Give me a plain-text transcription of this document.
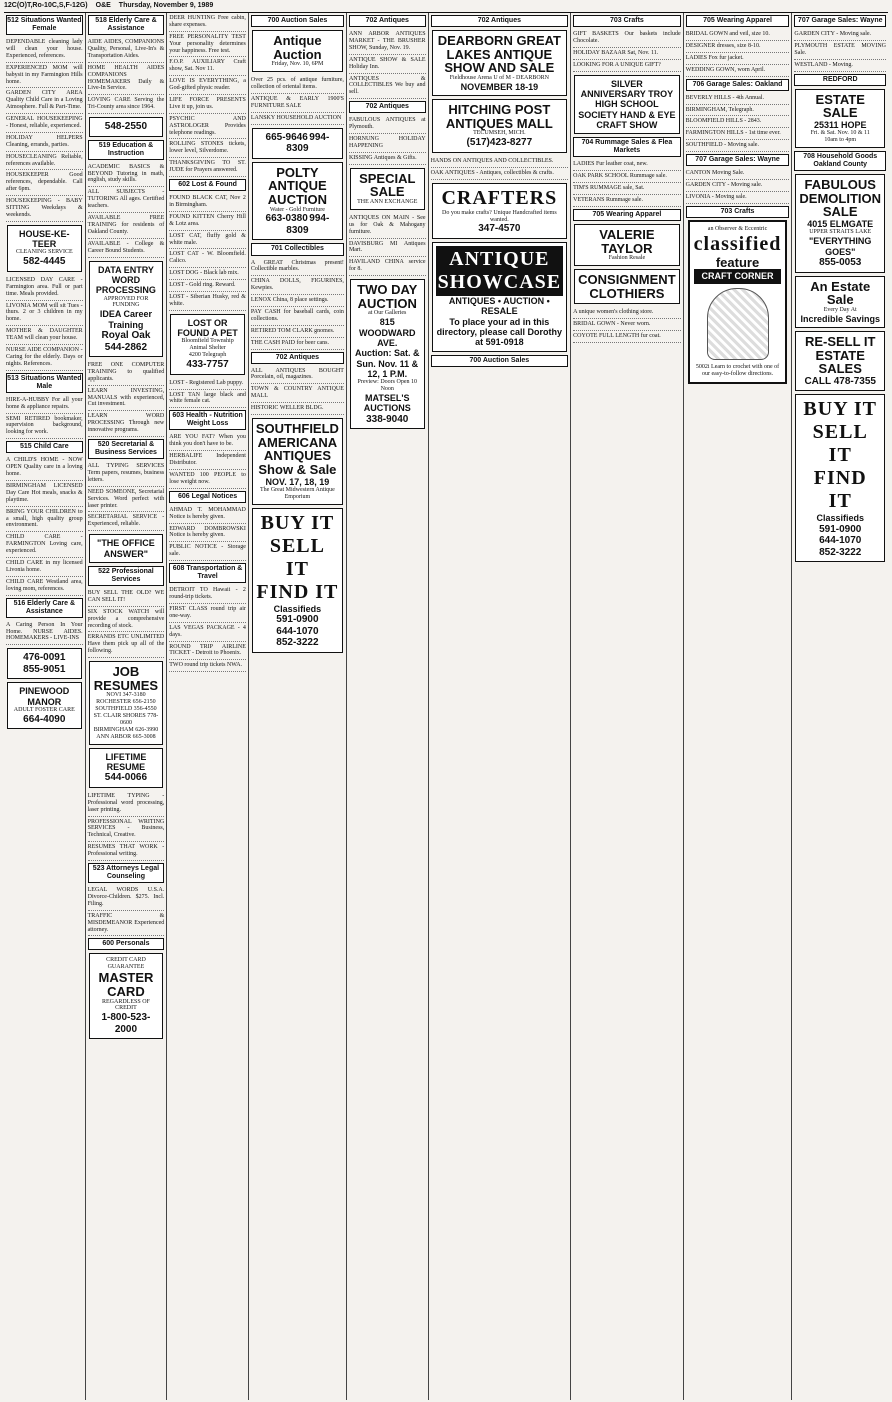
12C(O)T,Ro-10C,S,F-12G) O&E Thursday, November 9, 1989
512 Situations Wanted Female
DEPENDABLE cleaning lady will clean your house. Experienced, references.
EXPERIENCED MOM will babysit in my Farmington Hills home.
GARDEN CITY AREA Quality Child Care in a Loving Atmosphere. Full & Part-Time.
GENERAL HOUSEKEEPING - Honest, reliable, experienced.
HOLIDAY HELPERS Cleaning, errands, parties.
HOUSECLEANING Reliable, references available.
HOUSEKEEPER Good references, dependable. Call after 6pm.
HOUSEKEEPING - BABY SITTING Weekdays & weekends.
HOUSE-KE-TEER
CLEANING SERVICE
582-4445
LICENSED DAY CARE - Farmington area. Full or part time. Meals provided.
LIVONIA MOM will sit Tues - thurs. 2 or 3 children in my home.
MOTHER & DAUGHTER TEAM will clean your house.
NURSE AIDE COMPANION - Caring for the elderly. Days or nights. References.
513 Situations Wanted Male
HIRE-A-HUBBY For all your home & appliance repairs.
SEMI RETIRED bookmaker, supervision background, looking for work.
515 Child Care
A CHILD'S HOME - NOW OPEN Quality care in a loving home.
BIRMINGHAM LICENSED Day Care Hot meals, snacks & playtime.
BRING YOUR CHILDREN to a small, high quality group environment.
CHILD CARE - FARMINGTON Loving care, experienced.
CHILD CARE in my licensed Livonia home.
CHILD CARE Westland area, loving mom, references.
516 Elderly Care & Assistance
A Caring Person In Your Home. NURSE AIDES. HOMEMAKERS - LIVE-INS
476-0091
855-9051
PINEWOOD MANOR
ADULT FOSTER CARE
664-4090
518 Elderly Care & Assistance
AIDE AIDES, COMPANIONS Quality, Personal, Live-In's & Transportation Aides.
HOME HEALTH AIDES COMPANIONS HOMEMAKERS Daily & Live-In Service.
LOVING CARE Serving the Tri-County area since 1964.
548-2550
519 Education & Instruction
ACADEMIC BASICS & BEYOND Tutoring in math, english, study skills.
ALL SUBJECTS - TUTORING All ages. Certified teachers.
AVAILABLE FREE TRAINING for residents of Oakland County.
AVAILABLE - College & Career Bound Students.
DATA ENTRY WORD PROCESSING
APPROVED FOR FUNDING
IDEA Career Training
Royal Oak 544-2862
FREE ONE COMPUTER TRAINING to qualified applicants.
LEARN INVESTING, MANUALS with experienced, Cut investment.
LEARN WORD PROCESSING Through new innovative programs.
520 Secretarial & Business Services
ALL TYPING SERVICES Term papers, resumes, business letters.
NEED SOMEONE, Secretarial Services. Word perfect with laser printer.
SECRETARIAL SERVICE - Experienced, reliable.
"THE OFFICE ANSWER"
522 Professional Services
BUY SELL THE OLD? WE CAN SELL IT!
SIX STOCK WATCH will provide a comprehensive recording of stock.
ERRANDS ETC UNLIMITED Have them pick up all of the following.
JOB RESUMES
NOVI 347-3180
ROCHESTER 656-2150
SOUTHFIELD 356-4550
ST. CLAIR SHORES 778-0600
BIRMINGHAM 626-3990
ANN ARBOR 665-3008
LIFETIME RESUME
544-0066
LIFETIME TYPING - Professional word processing, laser printing.
PROFESSIONAL WRITING SERVICES - Business, Technical, Creative.
RESUMES THAT WORK - Professional writing.
523 Attorneys Legal Counseling
LEGAL WORDS U.S.A. Divorce-Children. $275. Incl. Filing.
TRAFFIC & MISDEMEANOR Experienced attorney.
600 Personals
CREDIT CARD GUARANTEE
MASTER CARD
REGARDLESS OF CREDIT
1-800-523-2000
DEER HUNTING Free cabin, share expenses.
FREE PERSONALITY TEST Your personality determines your happiness. Free test.
F.O.P. AUXILIARY Craft show, Sat. Nov 11.
LOVE IS EVERYTHING, a God-gifted physic reader.
LIFE FORCE PRESENTS Live it up, join us.
PSYCHIC AND ASTROLOGER Provides telephone readings.
ROLLING STONES tickets, lower level, Silverdome.
THANKSGIVING TO ST. JUDE for Prayers answered.
602 Lost & Found
FOUND BLACK CAT, Nov 2 in Birmingham.
FOUND KITTEN Cherry Hill & Lotz area.
LOST CAT, fluffy gold & white male.
LOST CAT - W. Bloomfield. Calico.
LOST DOG - Black lab mix.
LOST - Gold ring. Reward.
LOST - Siberian Husky, red & white.
LOST OR FOUND A PET
Bloomfield Township Animal Shelter
4200 Telegraph
433-7757
LOST - Registered Lab puppy.
LOST TAN large black and white female cat.
603 Health - Nutrition Weight Loss
ARE YOU FAT? When you think you don't have to be.
HERBALIFE Independent Distributor.
WANTED 100 PEOPLE to lose weight now.
606 Legal Notices
AHMAD T. MOHAMMAD Notice is hereby given.
EDWARD DOMBROWSKI Notice is hereby given.
PUBLIC NOTICE - Storage sale.
608 Transportation & Travel
DETROIT TO Hawaii - 2 round-trip tickets.
FIRST CLASS round trip air one-way.
LAS VEGAS PACKAGE - 4 days.
ROUND TRIP AIRLINE TICKET - Detroit to Phoenix.
TWO round trip tickets NWA.
700 Auction Sales
Antique Auction
Friday, Nov. 10, 6PM
Over 25 pcs. of antique furniture, collection of oriental items.
ANTIQUE & EARLY 1900'S FURNITURE SALE
LANSKY HOUSEHOLD AUCTION
665-9646 994-8309
POLTY ANTIQUE AUCTION
Water - Gold Furniture
663-0380 994-8309
701 Collectibles
A GREAT Christmas present! Collectible marbles.
CHINA DOLLS, FIGURINES, Kewpies.
LENOX China, 8 place settings.
PAY CASH for baseball cards, coin collections.
RETIRED TOM CLARK gnomes.
THE CASH PAID for beer cans.
702 Antiques
ALL ANTIQUES BOUGHT Porcelain, oil, magazines.
TOWN & COUNTRY ANTIQUE MALL
HISTORIC WELLER BLDG.
SOUTHFIELD AMERICANA ANTIQUES Show & Sale
NOV. 17, 18, 19
The Great Midwestern Antique Emporium
BUY IT
SELL IT
FIND IT
Classifieds
591-0900
644-1070
852-3222
702 Antiques
ANN ARBOR ANTIQUES MARKET - THE BRUSHER SHOW, Sunday, Nov. 19.
ANTIQUE SHOW & SALE Holiday Inn.
ANTIQUES & COLLECTIBLES We buy and sell.
702 Antiques
FABULOUS ANTIQUES at Plymouth.
HORNUNG HOLIDAY HAPPENING
KISSING Antiques & Gifts.
SPECIAL SALE
THE ANN EXCHANGE
ANTIQUES ON MAIN - See us for Oak & Mahogany furniture.
DAVISBURG MI Antiques Mart.
HAVILAND CHINA service for 8.
TWO DAY AUCTION
at Our Galleries
815 WOODWARD AVE.
Auction: Sat. & Sun. Nov. 11 & 12, 1 P.M.
Preview: Doors Open 10 Noon
MATSEL'S AUCTIONS
338-9040
702 Antiques
DEARBORN GREAT LAKES ANTIQUE SHOW AND SALE
Fieldhouse Arena U of M - DEARBORN
NOVEMBER 18-19
HITCHING POST ANTIQUES MALL
TECUMSEH, MICH.
(517)423-8277
HANDS ON ANTIQUES AND COLLECTIBLES.
OAK ANTIQUES - Antiques, collectibles & crafts.
CRAFTERS
Do you make crafts? Unique Handcrafted items wanted.
347-4570
ANTIQUE SHOWCASE
ANTIQUES • AUCTION • RESALE
To place your ad in this directory, please call Dorothy at 591-0918
700 Auction Sales
703 Crafts
GIFT BASKETS Our baskets include Chocolate.
HOLIDAY BAZAAR Sat, Nov. 11.
LOOKING FOR A UNIQUE GIFT?
SILVER ANNIVERSARY TROY HIGH SCHOOL SOCIETY HAND & EYE CRAFT SHOW
704 Rummage Sales & Flea Markets
LADIES Fur leather coat, new.
OAK PARK SCHOOL Rummage sale.
TIM'S RUMMAGE sale, Sat.
VETERANS Rummage sale.
705 Wearing Apparel
VALERIE TAYLOR
Fashion Resale
CONSIGNMENT CLOTHIERS
A unique women's clothing store.
BRIDAL GOWN - Never worn.
COYOTE FULL LENGTH fur coat.
705 Wearing Apparel
BRIDAL GOWN and veil, size 10.
DESIGNER dresses, size 8-10.
LADIES Fox fur jacket.
WEDDING GOWN, worn April.
706 Garage Sales: Oakland
BEVERLY HILLS - 4th Annual.
BIRMINGHAM, Telegraph.
BLOOMFIELD HILLS - 2843.
FARMINGTON HILLS - 1st time ever.
SOUTHFIELD - Moving sale.
707 Garage Sales: Wayne
CANTON Moving Sale.
GARDEN CITY - Moving sale.
LIVONIA - Moving sale.
703 Crafts
an Observer & Eccentric
classified
feature
CRAFT CORNER
5002i Learn to crochet with one of our easy-to-follow directions.
707 Garage Sales: Wayne
GARDEN CITY - Moving sale.
PLYMOUTH ESTATE MOVING Sale.
WESTLAND - Moving.
REDFORD
ESTATE SALE
25311 HOPE
Fri. & Sat. Nov. 10 & 11
10am to 4pm
708 Household Goods Oakland County
FABULOUS DEMOLITION SALE
4015 ELMGATE
UPPER STRAITS LAKE
"EVERYTHING GOES"
855-0053
An Estate Sale
Every Day At
Incredible Savings
RE-SELL IT ESTATE SALES
CALL 478-7355
BUY IT
SELL IT
FIND IT
Classifieds
591-0900
644-1070
852-3222
